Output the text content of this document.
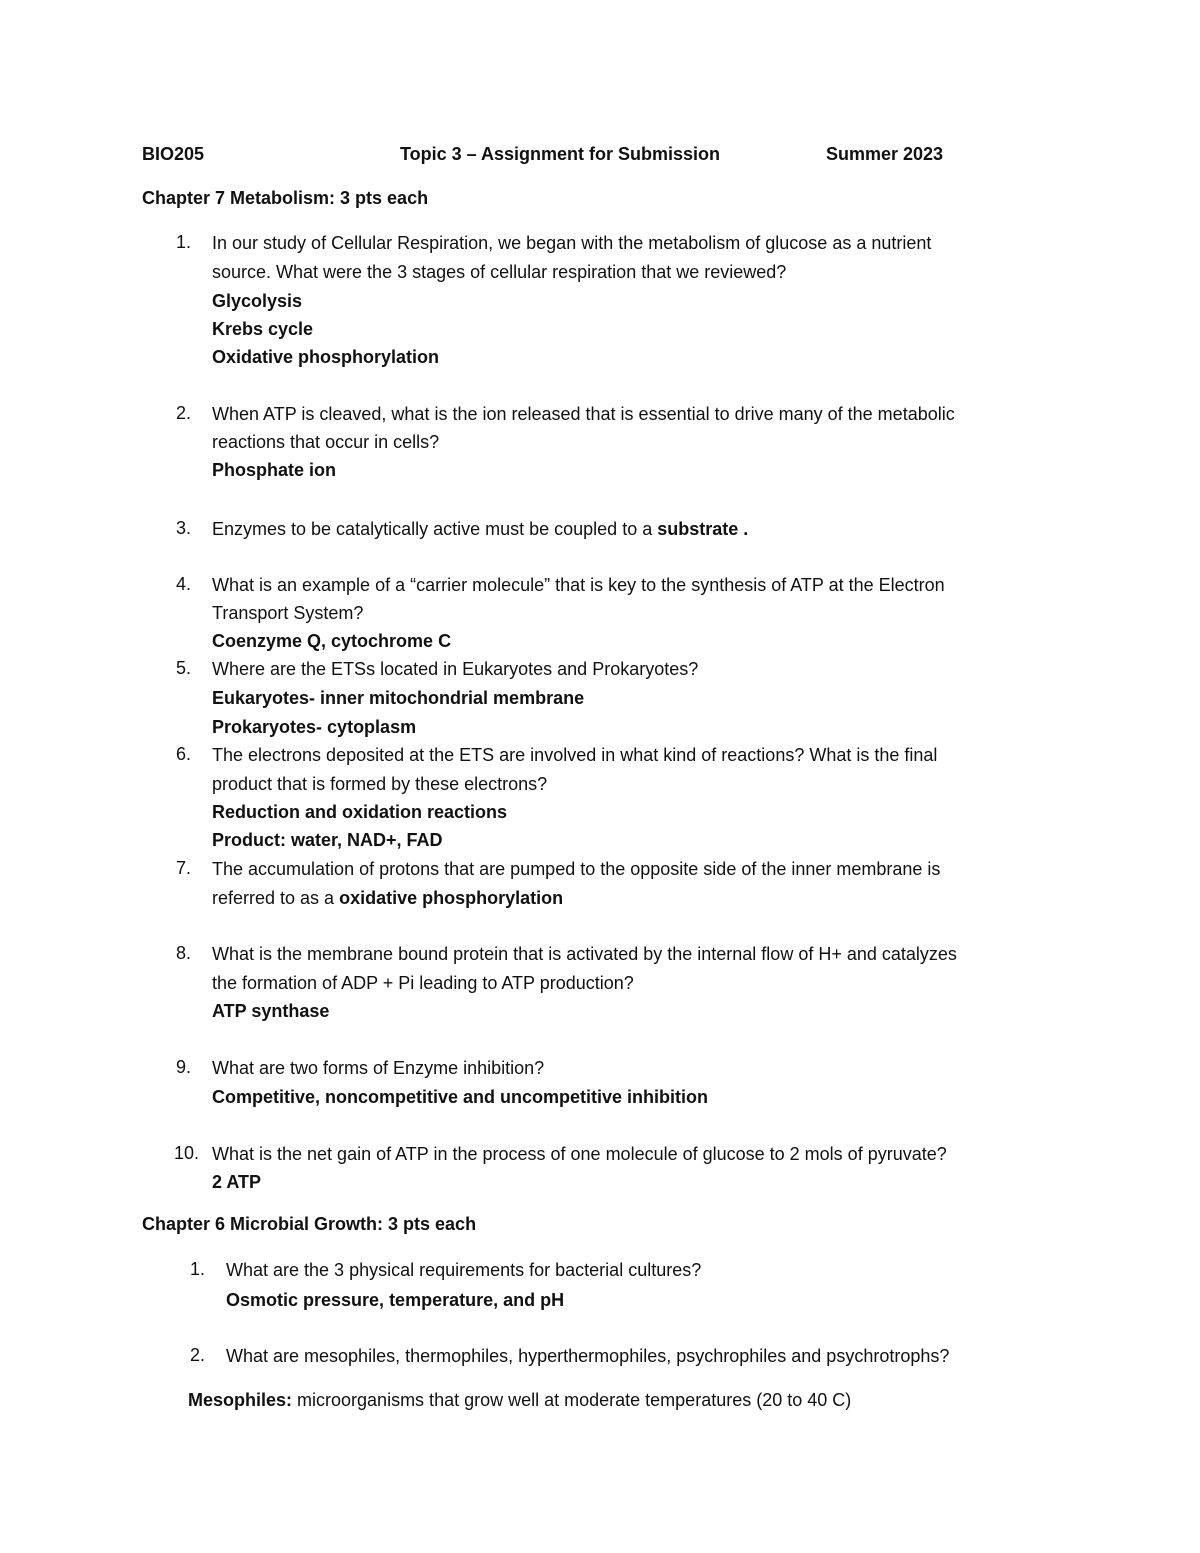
BIO205	Topic 3 – Assignment for Submission	Summer 2023
Chapter 7 Metabolism: 3 pts each
1. In our study of Cellular Respiration, we began with the metabolism of glucose as a nutrient
source. What were the 3 stages of cellular respiration that we reviewed?
Glycolysis
Krebs cycle
Oxidative phosphorylation
2. When ATP is cleaved, what is the ion released that is essential to drive many of the metabolic
reactions that occur in cells?
Phosphate ion
3. Enzymes to be catalytically active must be coupled to a substrate .
4. What is an example of a “carrier molecule” that is key to the synthesis of ATP at the Electron
Transport System?
Coenzyme Q, cytochrome C
5. Where are the ETSs located in Eukaryotes and Prokaryotes?
Eukaryotes- inner mitochondrial membrane
Prokaryotes- cytoplasm
6. The electrons deposited at the ETS are involved in what kind of reactions? What is the final
product that is formed by these electrons?
Reduction and oxidation reactions
Product: water, NAD+, FAD
7. The accumulation of protons that are pumped to the opposite side of the inner membrane is
referred to as a oxidative phosphorylation
8. What is the membrane bound protein that is activated by the internal flow of H+ and catalyzes
the formation of ADP + Pi leading to ATP production?
ATP synthase
9. What are two forms of Enzyme inhibition?
Competitive, noncompetitive and uncompetitive inhibition
10. What is the net gain of ATP in the process of one molecule of glucose to 2 mols of pyruvate?
2 ATP
Chapter 6 Microbial Growth: 3 pts each
1. What are the 3 physical requirements for bacterial cultures?
Osmotic pressure, temperature, and pH
2. What are mesophiles, thermophiles, hyperthermophiles, psychrophiles and psychrotrophs?
Mesophiles: microorganisms that grow well at moderate temperatures (20 to 40 C)
